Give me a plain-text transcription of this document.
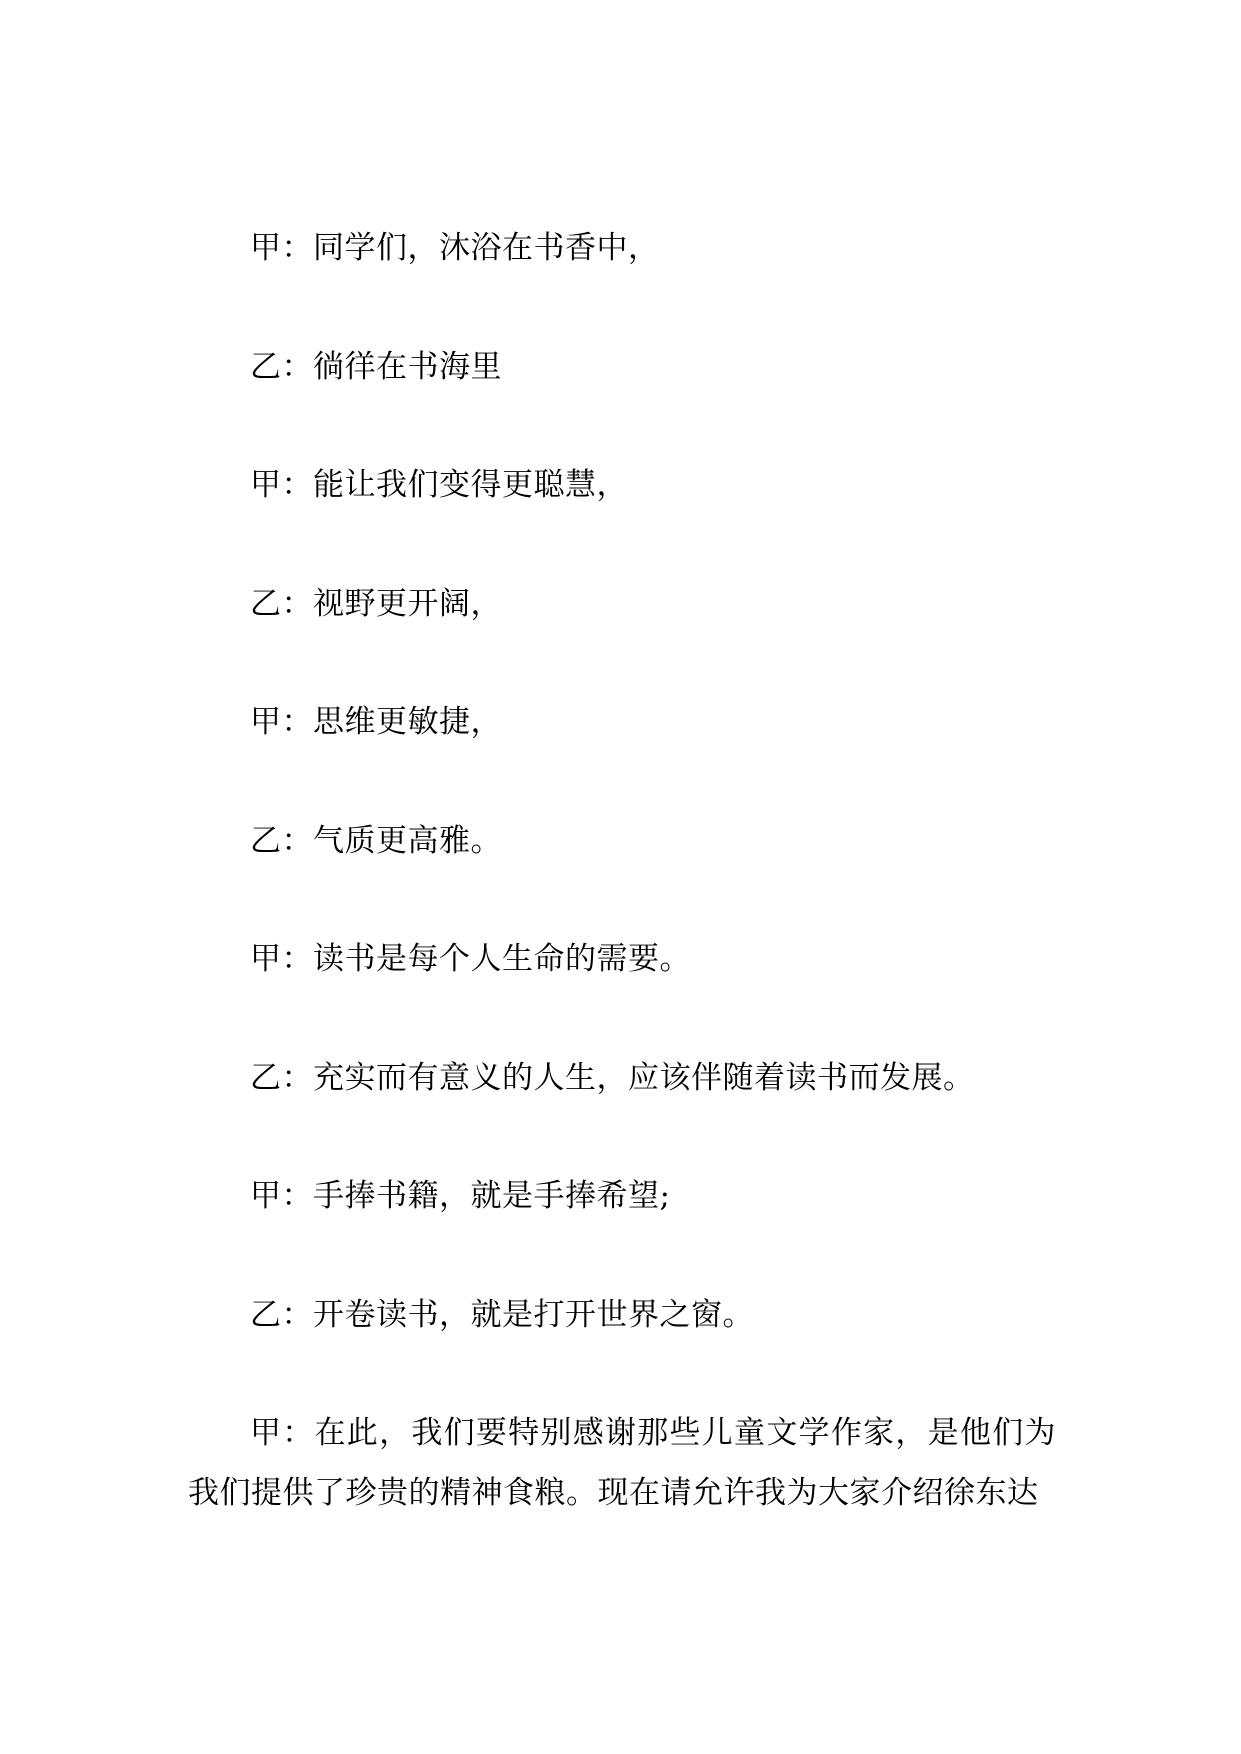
甲：同学们，沐浴在书香中，

乙：徜徉在书海里

甲：能让我们变得更聪慧，

乙：视野更开阔，

甲：思维更敏捷，

乙：气质更高雅。

甲：读书是每个人生命的需要。

乙：充实而有意义的人生，应该伴随着读书而发展。

甲：手捧书籍，就是手捧希望;

乙：开卷读书，就是打开世界之窗。

甲：在此，我们要特别感谢那些儿童文学作家，是他们为我们提供了珍贵的精神食粮。现在请允许我为大家介绍徐东达
